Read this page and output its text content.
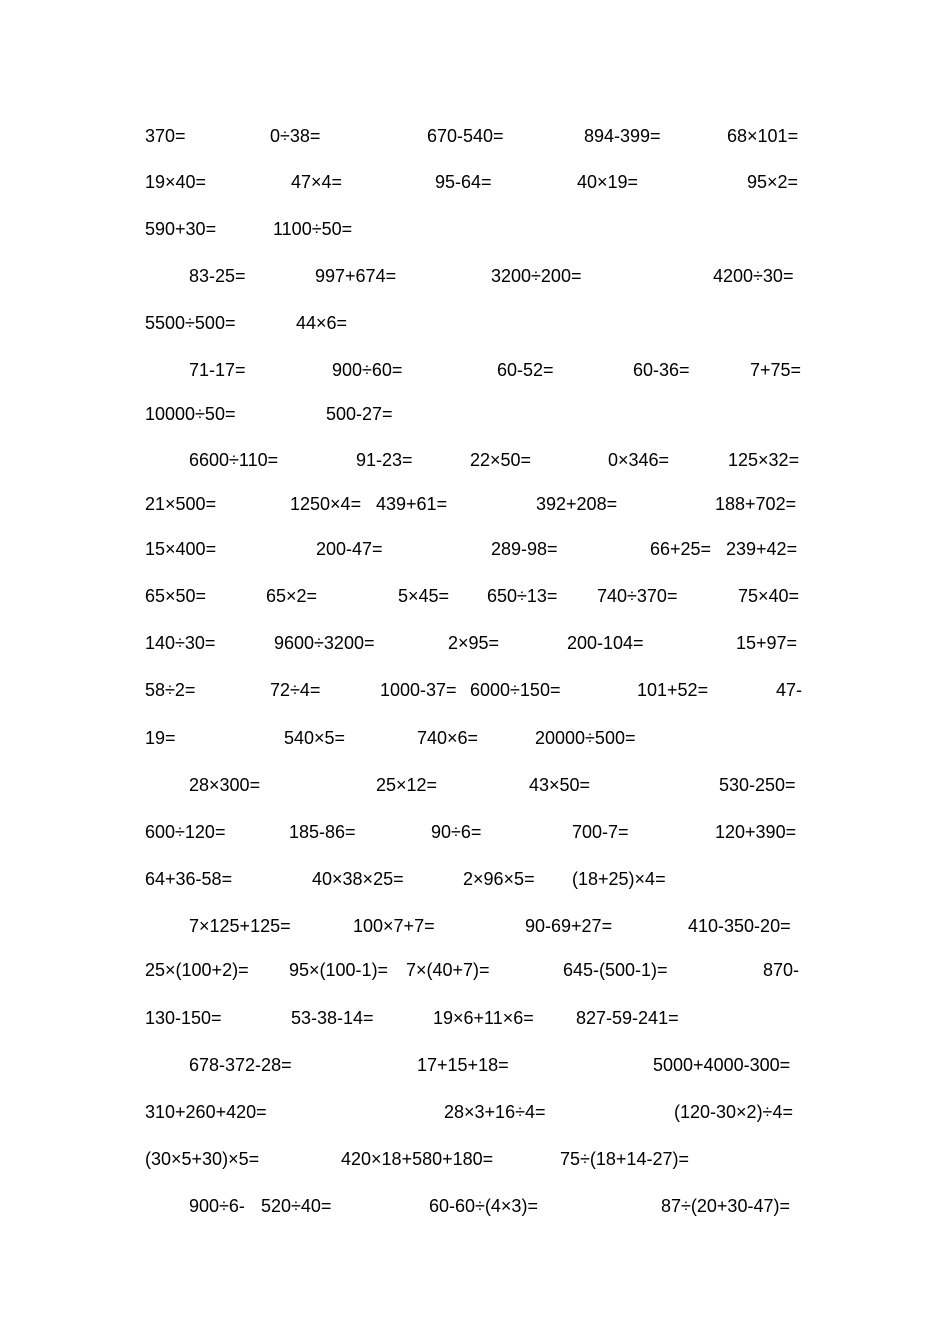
370=	0÷38=	670-540=	894-399=	68×101=
19×40=	47×4=	95-64=	40×19=	95×2=
590+30=	1100÷50=
83-25=	997+674=	3200÷200=	4200÷30=
5500÷500=	44×6=
71-17=	900÷60=	60-52=	60-36=	7+75=
10000÷50=	500-27=
6600÷110=	91-23=	22×50=	0×346=	125×32=
21×500=	1250×4= 439+61=	392+208=	188+702=
15×400=	200-47=	289-98=	66+25= 239+42=
65×50=	65×2=	5×45= 650÷13= 740÷370=	75×40=
140÷30=	9600÷3200=	2×95=	200-104=	15+97=
58÷2=	72÷4=	1000-37= 6000÷150=	101+52=	47-
19=	540×5=	740×6=	20000÷500=
28×300=	25×12=	43×50=	530-250=
600÷120=	185-86=	90÷6=	700-7=	120+390=
64+36-58=	40×38×25=	2×96×5= (18+25)×4=
7×125+125=	100×7+7=	90-69+27=	410-350-20=
25×(100+2)= 95×(100-1)= 7×(40+7)=	645-(500-1)=	870-
130-150=	53-38-14=	19×6+11×6= 827-59-241=
678-372-28=	17+15+18=	5000+4000-300=
310+260+420=	28×3+16÷4=	(120-30×2)÷4=
(30×5+30)×5=	420×18+580+180=	75÷(18+14-27)=
900÷6- 520÷40=	60-60÷(4×3)=	87÷(20+30-47)=
